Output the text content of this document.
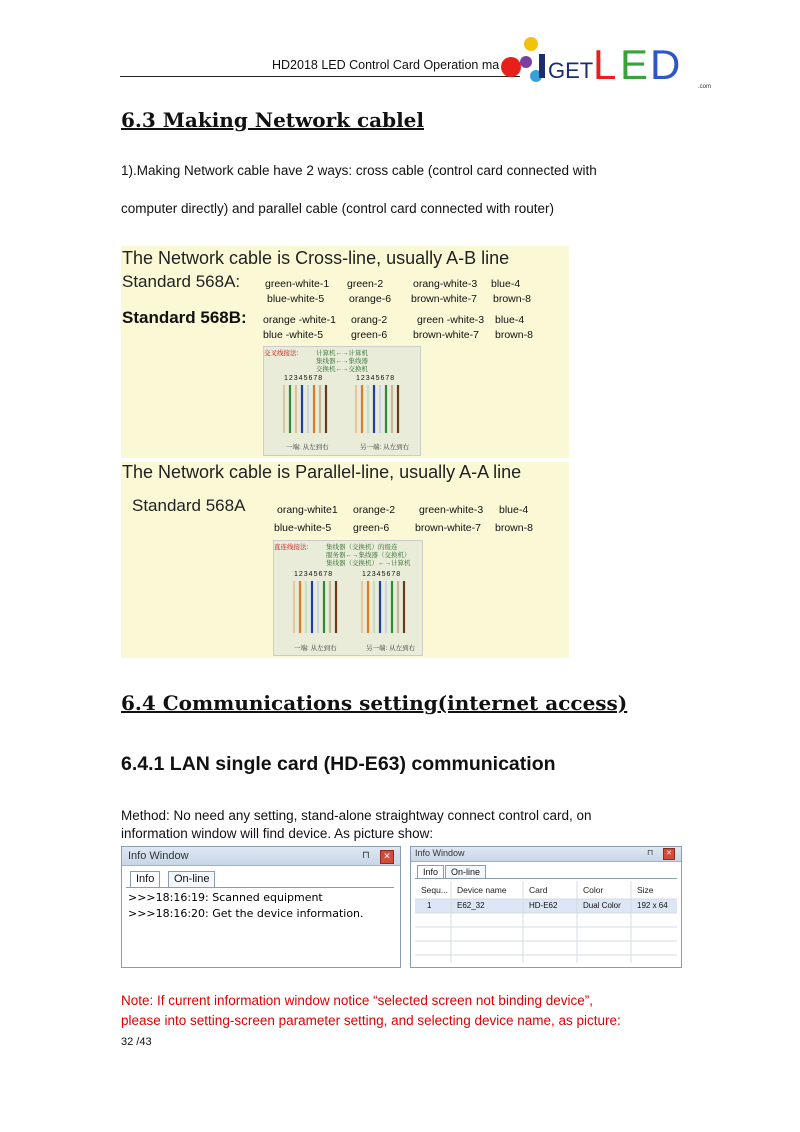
HD2018 LED Control Card Operation ma GET L E D	.com
6.3 Making Network cablel
1).Making Network cable have 2 ways: cross cable (control card connected with
computer directly) and parallel cable (control card connected with router)
The Network cable is Cross-line, usually A-B line
Standard 568A: green-white-1 green-2	orang-white-3 blue-4
blue-white-5 orange-6 brown-white-7 brown-8
Standard 568B: orange -white-1 orang-2	green -white-3 blue-4
blue -white-5	green-6 brown-white-7 brown-8
交叉线接法:	计算机←→计算机
集线器←→集线器
交换机←→交换机
12345678	12345678
一端: 从左到右	另一端: 从左到右
The Network cable is Parallel-line, usually A-A line
Standard 568A	orang-white1 orange-2 green-white-3 blue-4
blue-white-5 green-6 brown-white-7 brown-8
直连线接法:	集线器（交换机）的级连
服务器←→集线器（交换机）
集线器（交换机）←→计算机
12345678	12345678
一端: 从左到右	另一端: 从左到右
6.4 Communications setting(internet access)
6.4.1 LAN single card (HD-E63) communication
Method: No need any setting, stand-alone straightway connect control card, on
information window will find device. As picture show:
Info Window	⊓	✕
Info	On-line
>>>18:16:19: Scanned equipment
>>>18:16:20: Get the device information.
Info Window	⊓	✕
Info	On-line
Sequ... Device name	Card	Color	Size
1	E62_32	HD-E62	Dual Color 192 x 64
Note: If current information window notice “selected screen not binding device”,
please into setting-screen parameter setting, and selecting device name, as picture:
32 /43
